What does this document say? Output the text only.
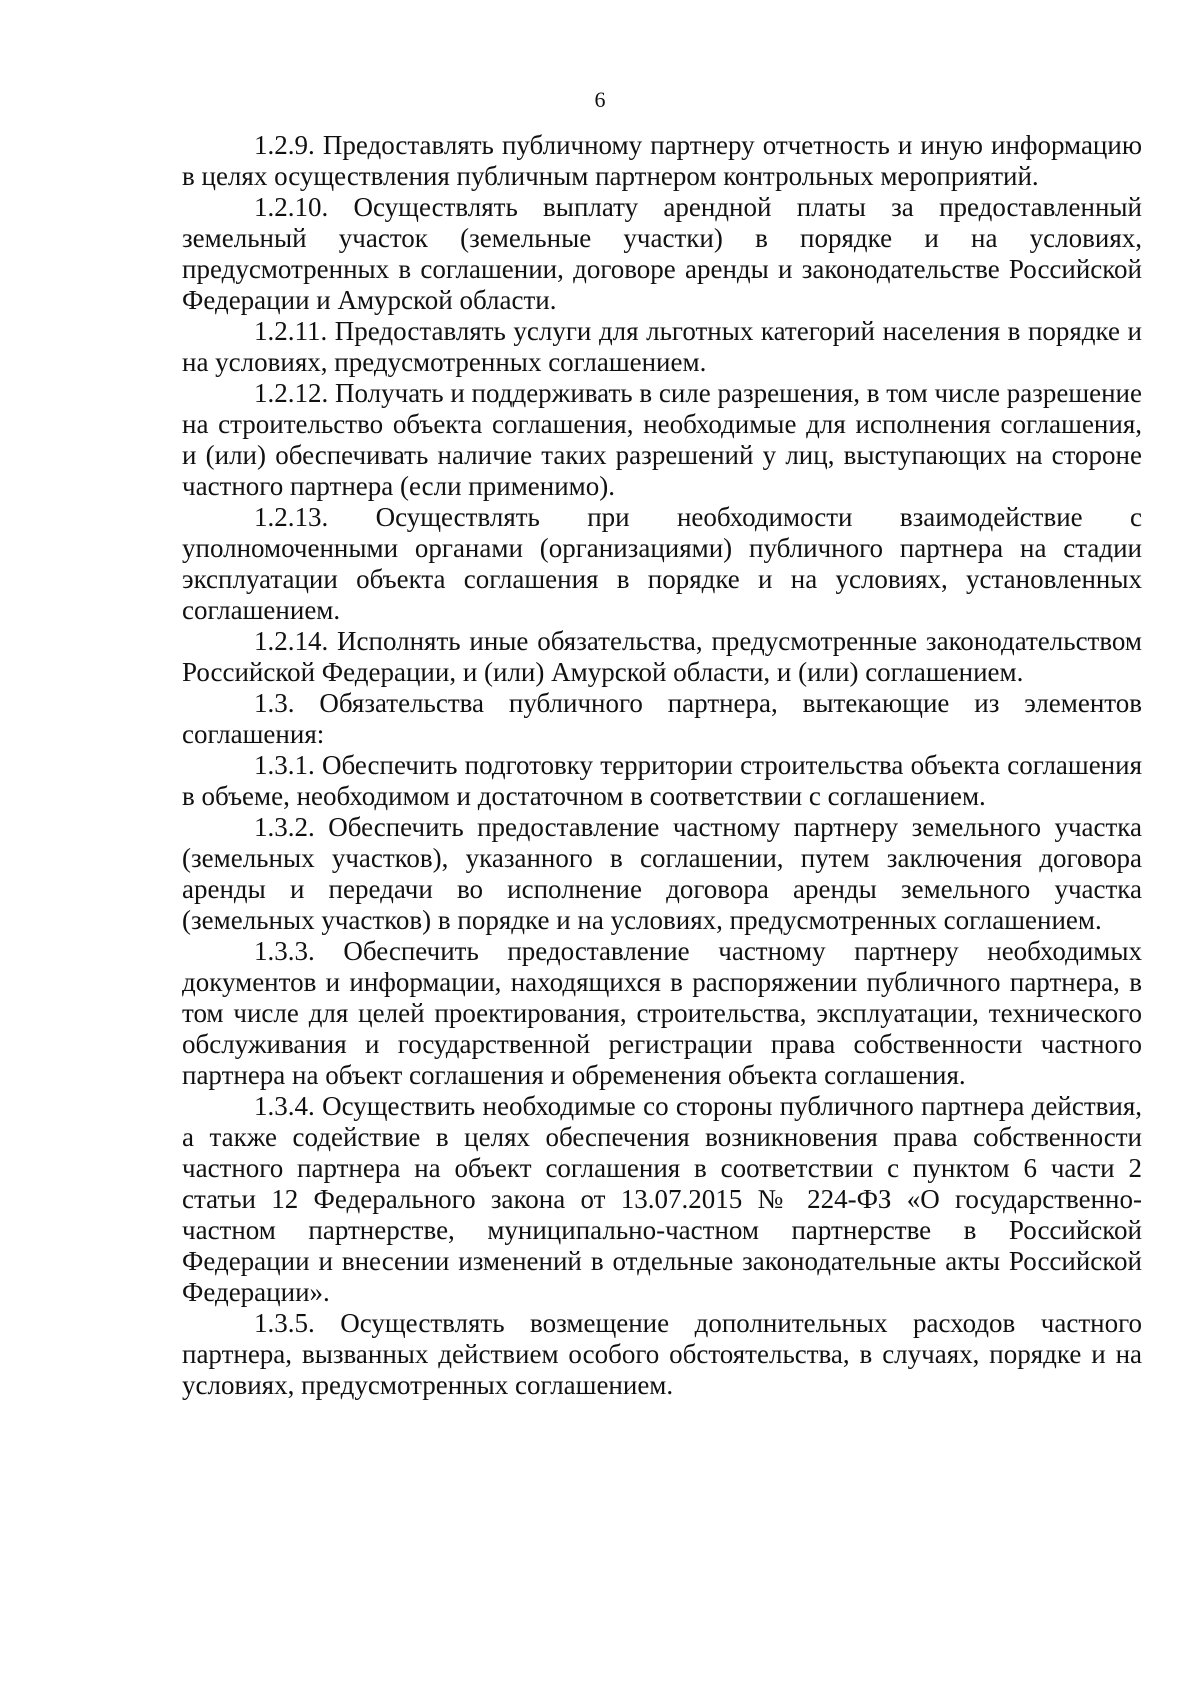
6

1.2.9. Предоставлять публичному партнеру отчетность и иную информацию в целях осуществления публичным партнером контрольных мероприятий.

1.2.10. Осуществлять выплату арендной платы за предоставленный земельный участок (земельные участки) в порядке и на условиях, предусмотренных в соглашении, договоре аренды и законодательстве Российской Федерации и Амурской области.

1.2.11. Предоставлять услуги для льготных категорий населения в порядке и на условиях, предусмотренных соглашением.

1.2.12. Получать и поддерживать в силе разрешения, в том числе разрешение на строительство объекта соглашения, необходимые для исполнения соглашения, и (или) обеспечивать наличие таких разрешений у лиц, выступающих на стороне частного партнера (если применимо).

1.2.13. Осуществлять при необходимости взаимодействие с уполномоченными органами (организациями) публичного партнера на стадии эксплуатации объекта соглашения в порядке и на условиях, установленных соглашением.

1.2.14. Исполнять иные обязательства, предусмотренные законодательством Российской Федерации, и (или) Амурской области, и (или) соглашением.

1.3. Обязательства публичного партнера, вытекающие из элементов соглашения:

1.3.1. Обеспечить подготовку территории строительства объекта соглашения в объеме, необходимом и достаточном в соответствии с соглашением.

1.3.2. Обеспечить предоставление частному партнеру земельного участка (земельных участков), указанного в соглашении, путем заключения договора аренды и передачи во исполнение договора аренды земельного участка (земельных участков) в порядке и на условиях, предусмотренных соглашением.

1.3.3. Обеспечить предоставление частному партнеру необходимых документов и информации, находящихся в распоряжении публичного партнера, в том числе для целей проектирования, строительства, эксплуатации, технического обслуживания и государственной регистрации права собственности частного партнера на объект соглашения и обременения объекта соглашения.

1.3.4. Осуществить необходимые со стороны публичного партнера действия, а также содействие в целях обеспечения возникновения права собственности частного партнера на объект соглашения в соответствии с пунктом 6 части 2 статьи 12 Федерального закона от 13.07.2015 № 224-ФЗ «О государственно-частном партнерстве, муниципально-частном партнерстве в Российской Федерации и внесении изменений в отдельные законодательные акты Российской Федерации».

1.3.5. Осуществлять возмещение дополнительных расходов частного партнера, вызванных действием особого обстоятельства, в случаях, порядке и на условиях, предусмотренных соглашением.
